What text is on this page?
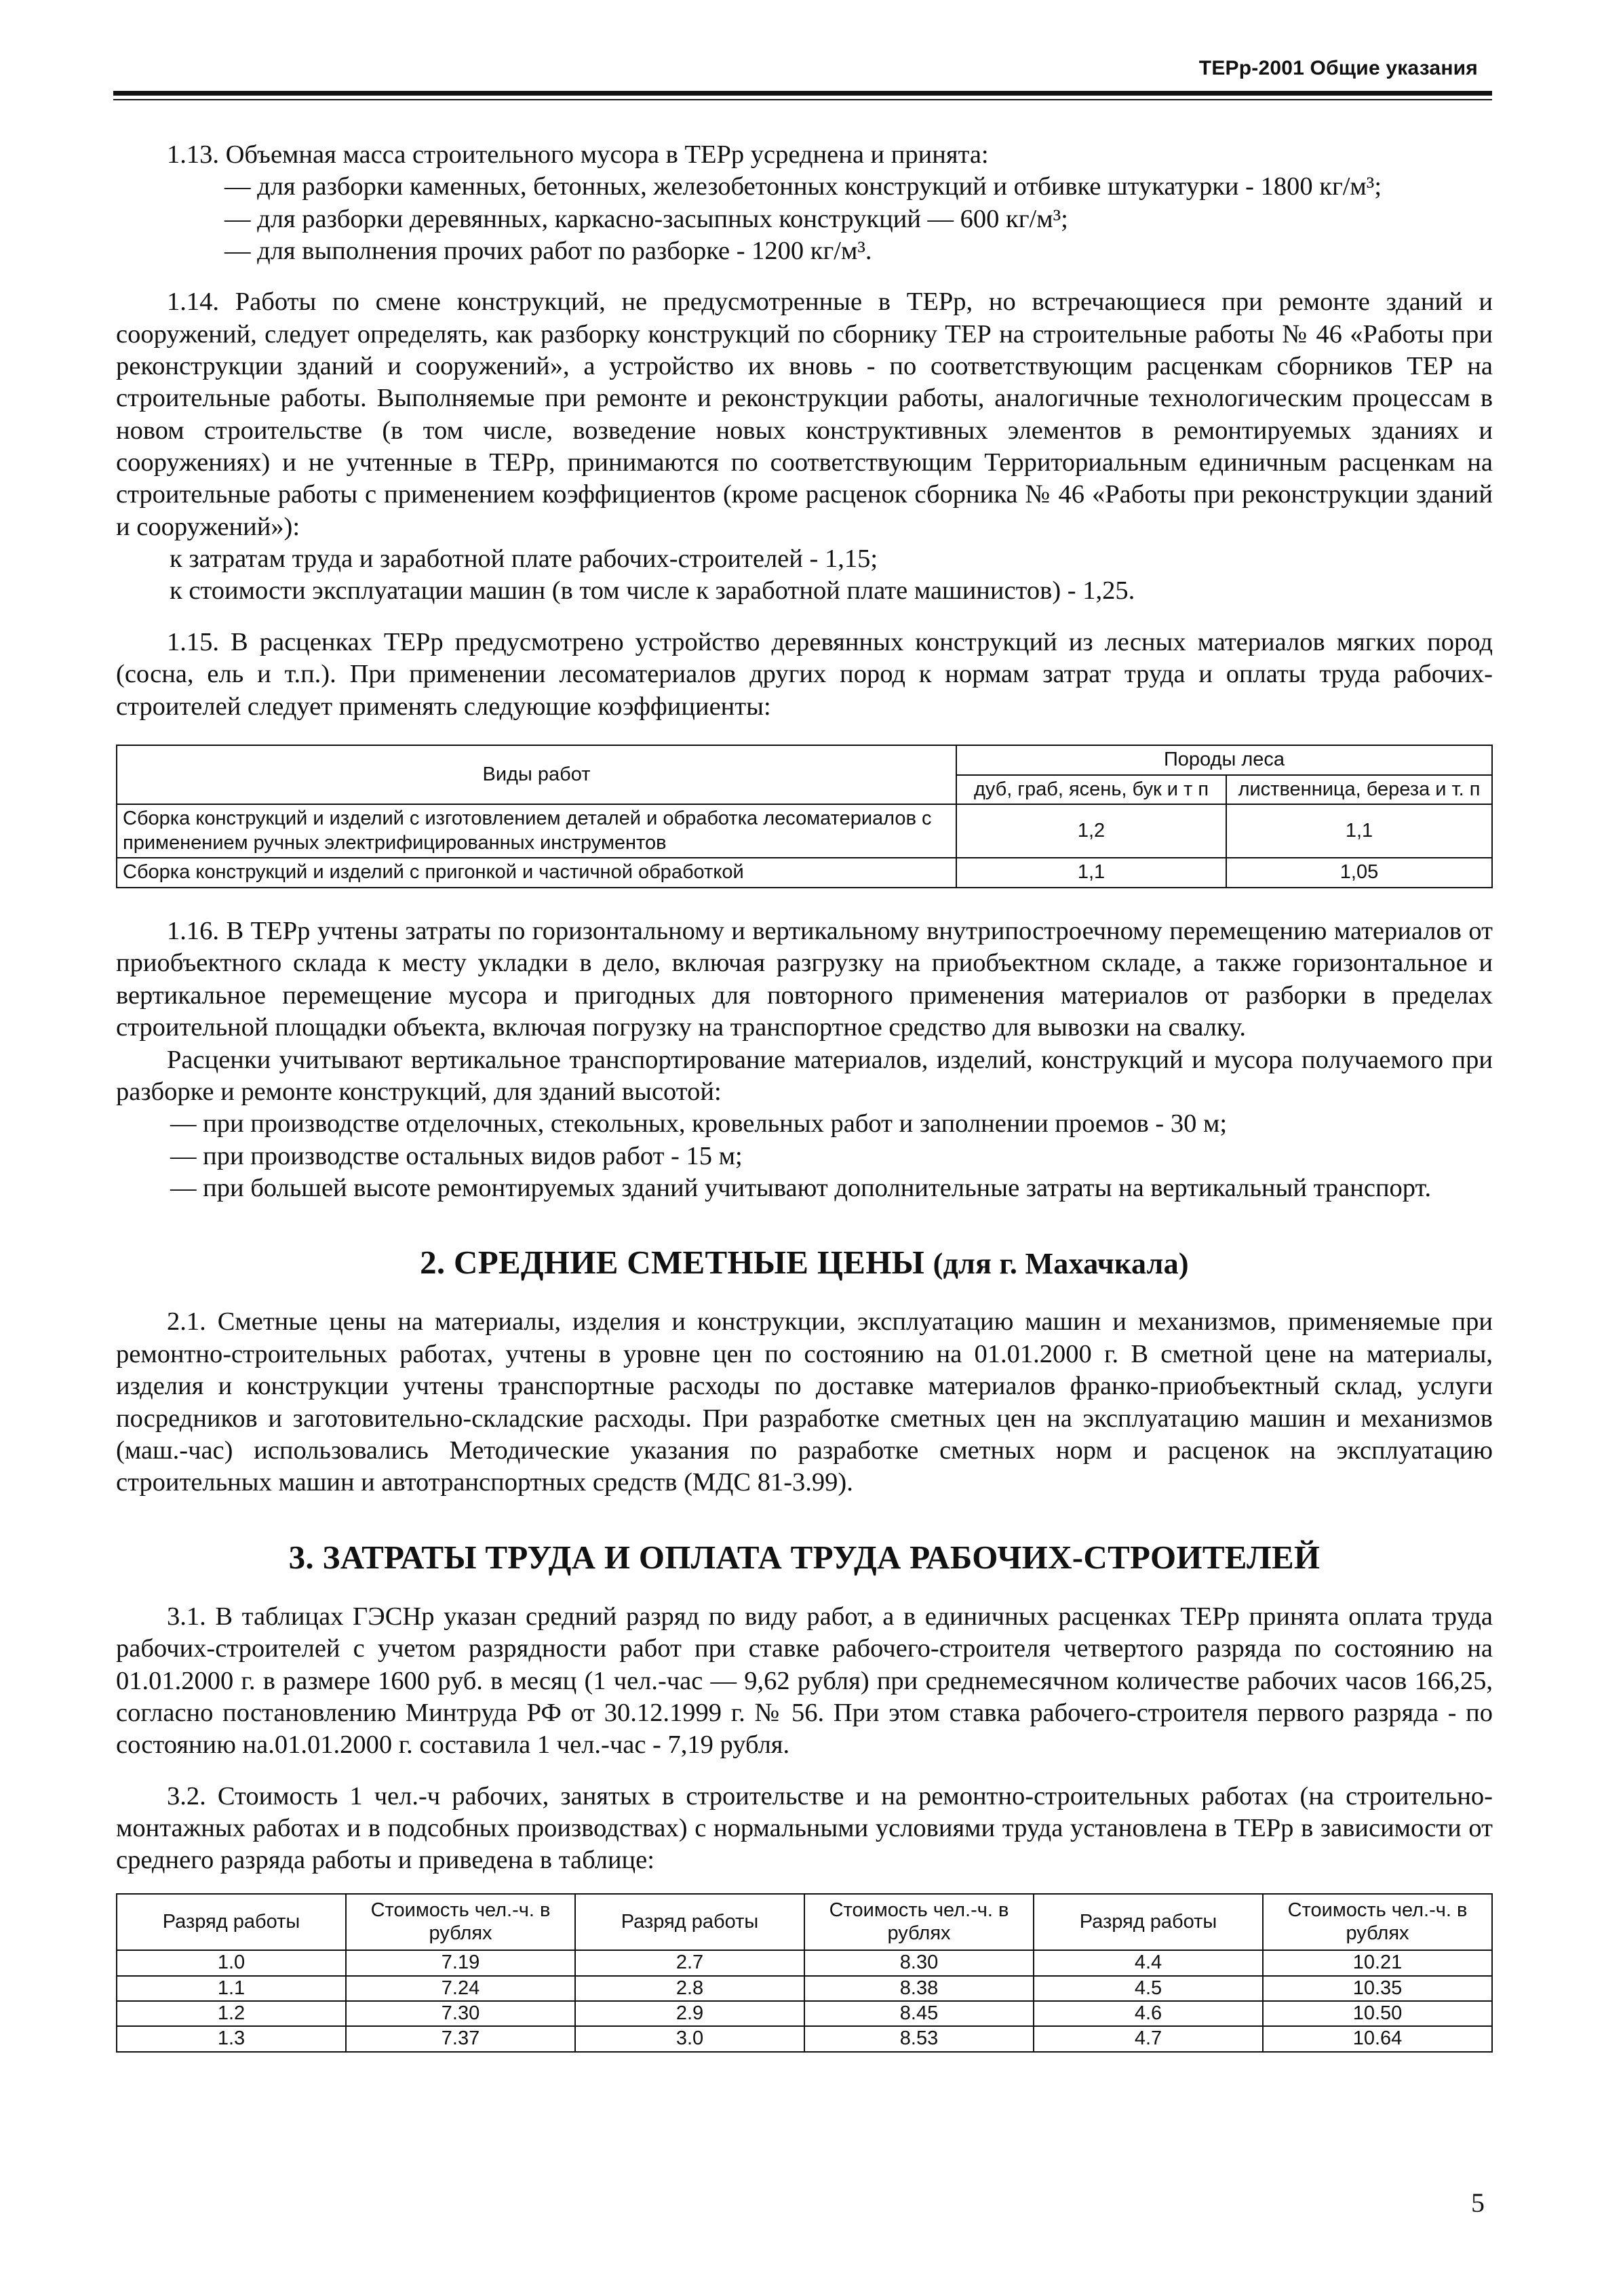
ТЕРр-2001 Общие указания

1.13. Объемная масса строительного мусора в ТЕРр усреднена и принята:

— для разборки каменных, бетонных, железобетонных конструкций и отбивке штукатурки - 1800 кг/м³;
— для разборки деревянных, каркасно-засыпных конструкций — 600 кг/м³;
— для выполнения прочих работ по разборке - 1200 кг/м³.

1.14. Работы по смене конструкций, не предусмотренные в ТЕРр, но встречающиеся при ремонте зданий и сооружений, следует определять, как разборку конструкций по сборнику ТЕР на строительные работы № 46 «Работы при реконструкции зданий и сооружений», а устройство их вновь - по соответствующим расценкам сборников ТЕР на строительные работы. Выполняемые при ремонте и реконструкции работы, аналогичные технологическим процессам в новом строительстве (в том числе, возведение новых конструктивных элементов в ремонтируемых зданиях и сооружениях) и не учтенные в ТЕРр, принимаются по соответствующим Территориальным единичным расценкам на строительные работы с применением коэффициентов (кроме расценок сборника № 46 «Работы при реконструкции зданий и сооружений»):

к затратам труда и заработной плате рабочих-строителей - 1,15;

к стоимости эксплуатации машин (в том числе к заработной плате машинистов) - 1,25.

1.15. В расценках ТЕРр предусмотрено устройство деревянных конструкций из лесных материалов мягких пород (сосна, ель и т.п.). При применении лесоматериалов других пород к нормам затрат труда и оплаты труда рабочих-строителей следует применять следующие коэффициенты:

Виды работ	Породы леса	
	дуб, граб, ясень, бук и т п	лиственница, береза и т. п
Сборка конструкций и изделий с изготовлением деталей и обработка лесоматериалов с применением ручных электрифицированных инструментов	1,2	1,1
Сборка конструкций и изделий с пригонкой и частичной обработкой	1,1	1,05

1.16. В ТЕРр учтены затраты по горизонтальному и вертикальному внутрипостроечному перемещению материалов от приобъектного склада к месту укладки в дело, включая разгрузку на приобъектном складе, а также горизонтальное и вертикальное перемещение мусора и пригодных для повторного применения материалов от разборки в пределах строительной площадки объекта, включая погрузку на транспортное средство для вывозки на свалку.

Расценки учитывают вертикальное транспортирование материалов, изделий, конструкций и мусора получаемого при разборке и ремонте конструкций, для зданий высотой:

— при производстве отделочных, стекольных, кровельных работ и заполнении проемов - 30 м;
— при производстве остальных видов работ - 15 м;
— при большей высоте ремонтируемых зданий учитывают дополнительные затраты на вертикальный транспорт.
2. СРЕДНИЕ СМЕТНЫЕ ЦЕНЫ (для г. Махачкала)

2.1. Сметные цены на материалы, изделия и конструкции, эксплуатацию машин и механизмов, применяемые при ремонтно-строительных работах, учтены в уровне цен по состоянию на 01.01.2000 г. В сметной цене на материалы, изделия и конструкции учтены транспортные расходы по доставке материалов франко-приобъектный склад, услуги посредников и заготовительно-складские расходы. При разработке сметных цен на эксплуатацию машин и механизмов (маш.-час) использовались Методические указания по разработке сметных норм и расценок на эксплуатацию строительных машин и автотранспортных средств (МДС 81-3.99).

3. ЗАТРАТЫ ТРУДА И ОПЛАТА ТРУДА РАБОЧИХ-СТРОИТЕЛЕЙ

3.1. В таблицах ГЭСНр указан средний разряд по виду работ, а в единичных расценках ТЕРр принята оплата труда рабочих-строителей с учетом разрядности работ при ставке рабочего-строителя четвертого разряда по состоянию на 01.01.2000 г. в размере 1600 руб. в месяц (1 чел.-час — 9,62 рубля) при среднемесячном количестве рабочих часов 166,25, согласно постановлению Минтруда РФ от 30.12.1999 г. № 56. При этом ставка рабочего-строителя первого разряда - по состоянию на.01.01.2000 г. составила 1 чел.-час - 7,19 рубля.

3.2. Стоимость 1 чел.-ч рабочих, занятых в строительстве и на ремонтно-строительных работах (на строительно-монтажных работах и в подсобных производствах) с нормальными условиями труда установлена в ТЕРр в зависимости от среднего разряда работы и приведена в таблице:

Разряд работы	Стоимость чел.-ч. в рублях	Разряд работы	Стоимость чел.-ч. в рублях	Разряд работы	Стоимость чел.-ч. в рублях
1.0	7.19	2.7	8.30	4.4	10.21
1.1	7.24	2.8	8.38	4.5	10.35
1.2	7.30	2.9	8.45	4.6	10.50
1.3	7.37	3.0	8.53	4.7	10.64
5
